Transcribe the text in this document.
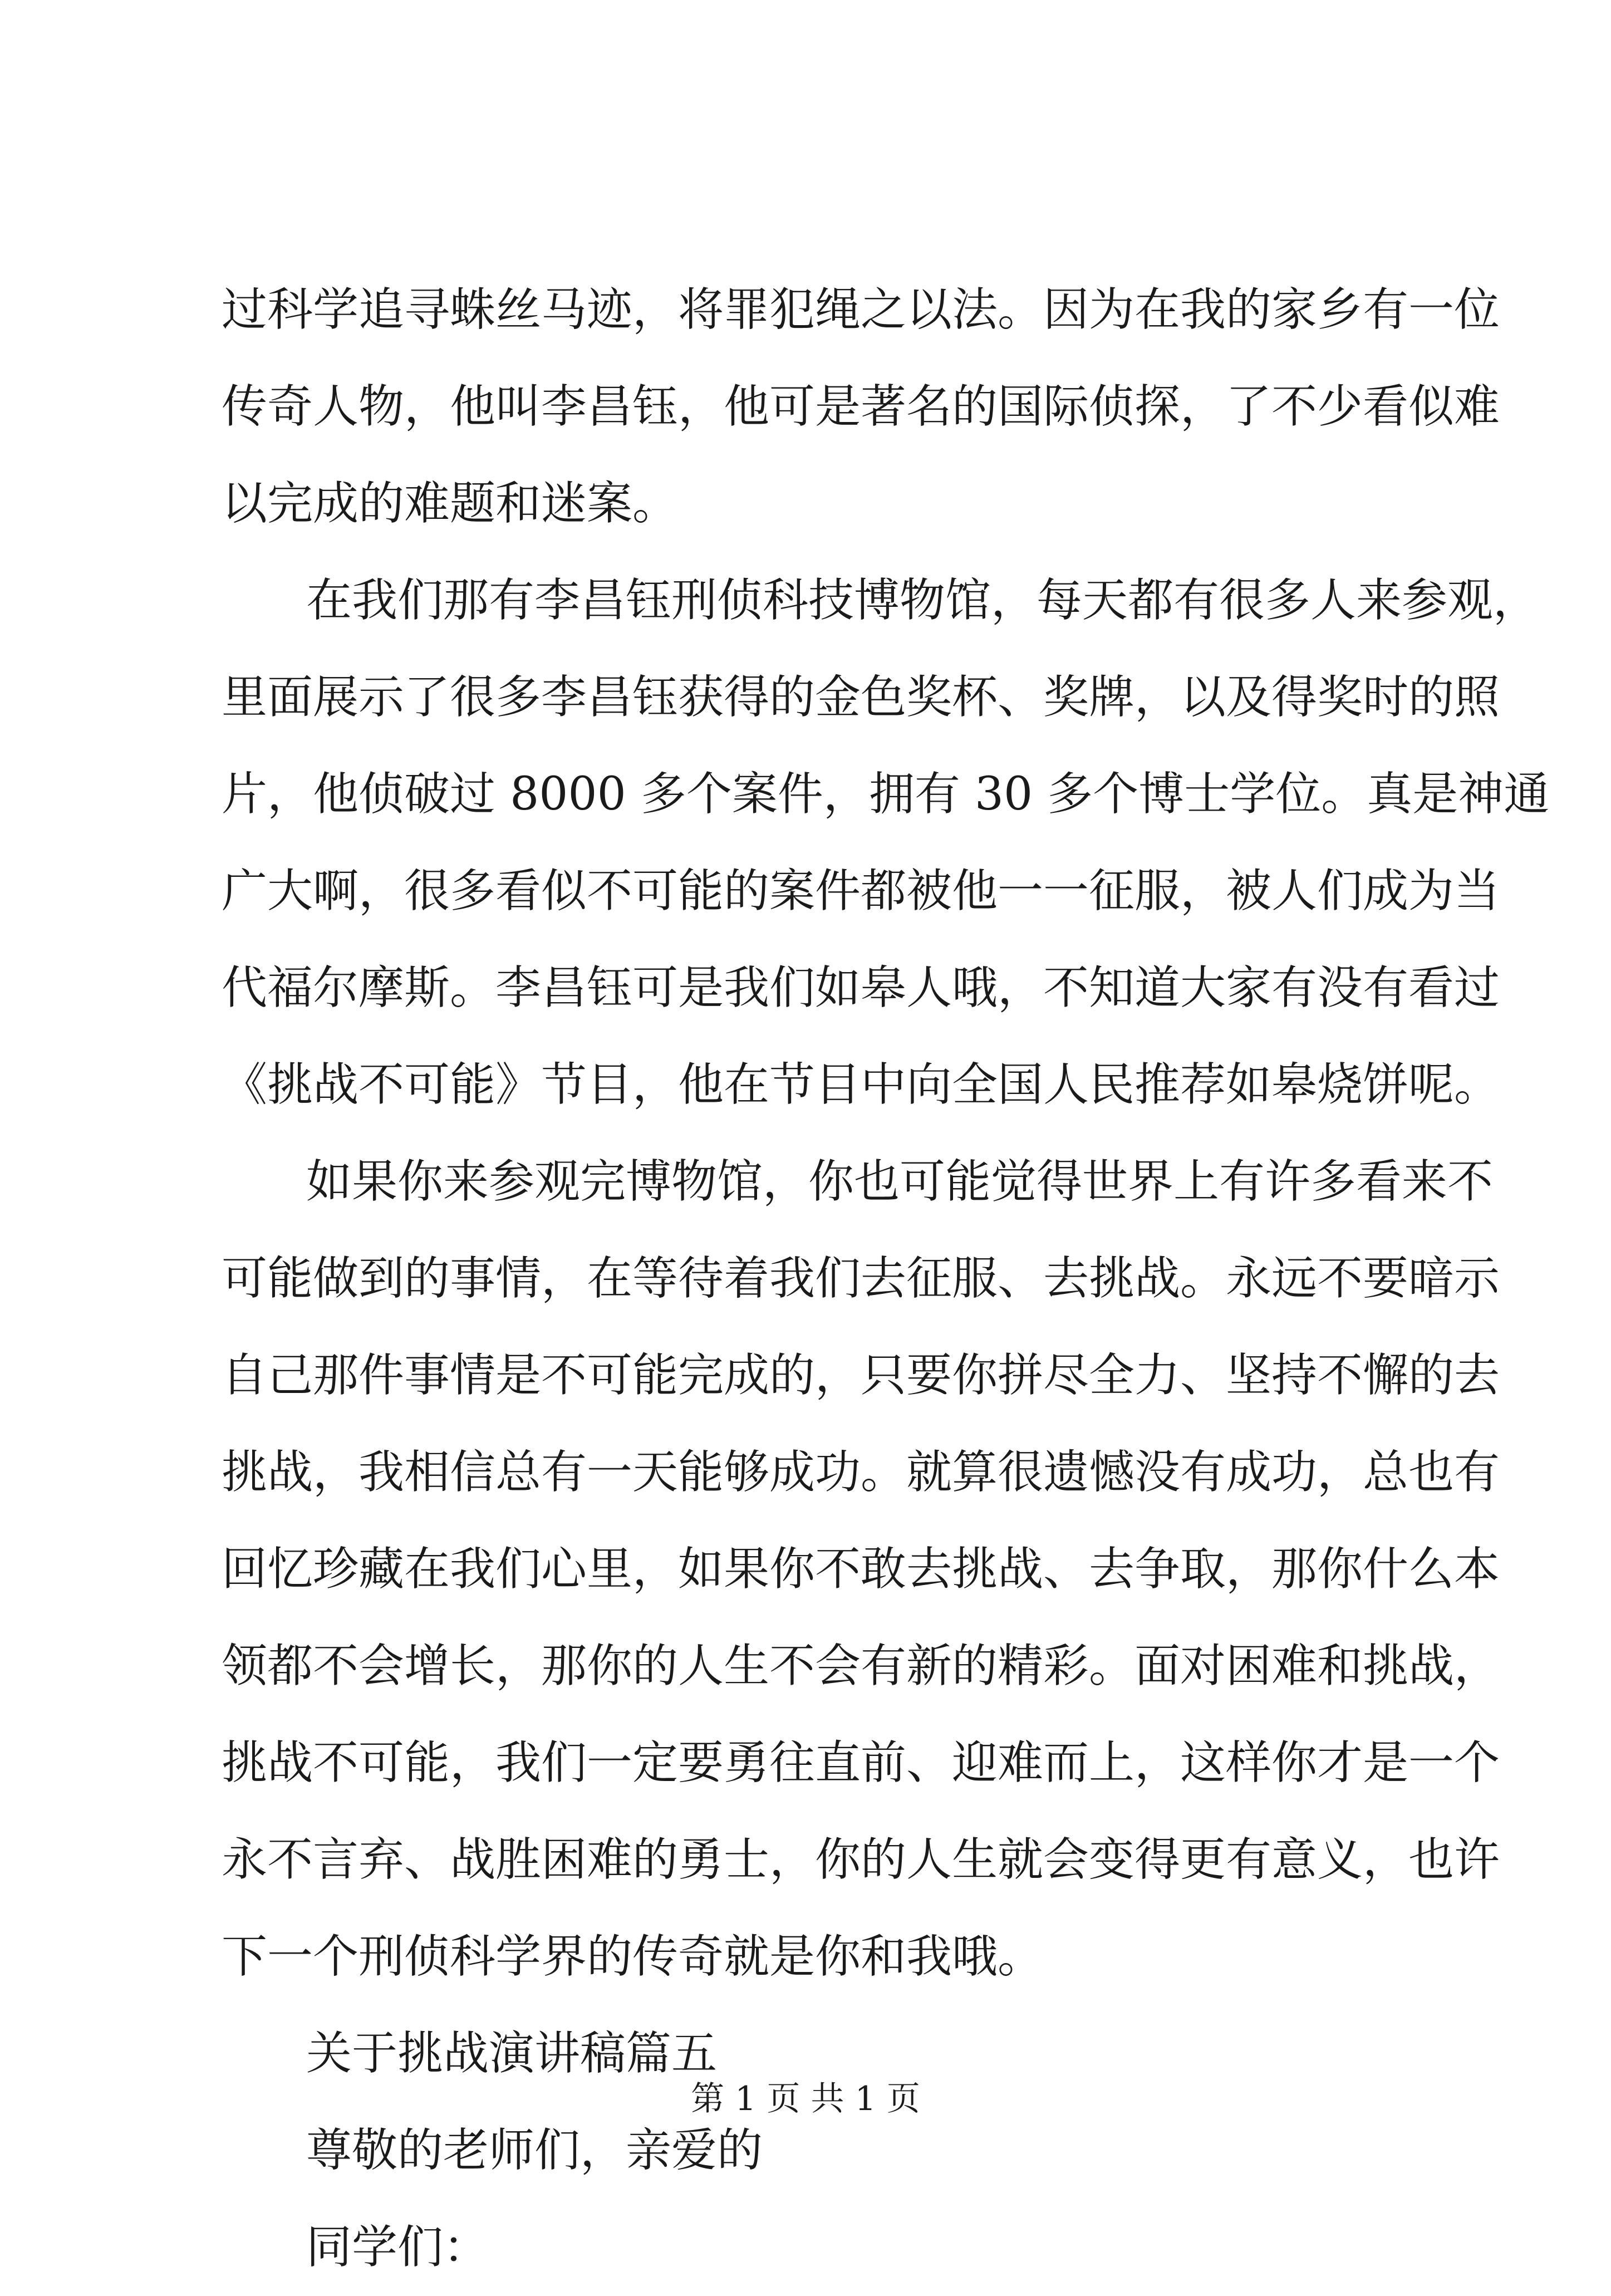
过科学追寻蛛丝马迹，将罪犯绳之以法。因为在我的家乡有一位
传奇人物，他叫李昌钰，他可是著名的国际侦探，了不少看似难
以完成的难题和迷案。
在我们那有李昌钰刑侦科技博物馆，每天都有很多人来参观，
里面展示了很多李昌钰获得的金色奖杯、奖牌，以及得奖时的照
片，他侦破过 8000 多个案件，拥有 30 多个博士学位。真是神通
广大啊，很多看似不可能的案件都被他一一征服，被人们成为当
代福尔摩斯。李昌钰可是我们如皋人哦，不知道大家有没有看过
《挑战不可能》节目，他在节目中向全国人民推荐如皋烧饼呢。
如果你来参观完博物馆，你也可能觉得世界上有许多看来不
可能做到的事情，在等待着我们去征服、去挑战。永远不要暗示
自己那件事情是不可能完成的，只要你拼尽全力、坚持不懈的去
挑战，我相信总有一天能够成功。就算很遗憾没有成功，总也有
回忆珍藏在我们心里，如果你不敢去挑战、去争取，那你什么本
领都不会增长，那你的人生不会有新的精彩。面对困难和挑战，
挑战不可能，我们一定要勇往直前、迎难而上，这样你才是一个
永不言弃、战胜困难的勇士，你的人生就会变得更有意义，也许
下一个刑侦科学界的传奇就是你和我哦。
关于挑战演讲稿篇五
尊敬的老师们，亲爱的
同学们：
第 1 页 共 1 页
